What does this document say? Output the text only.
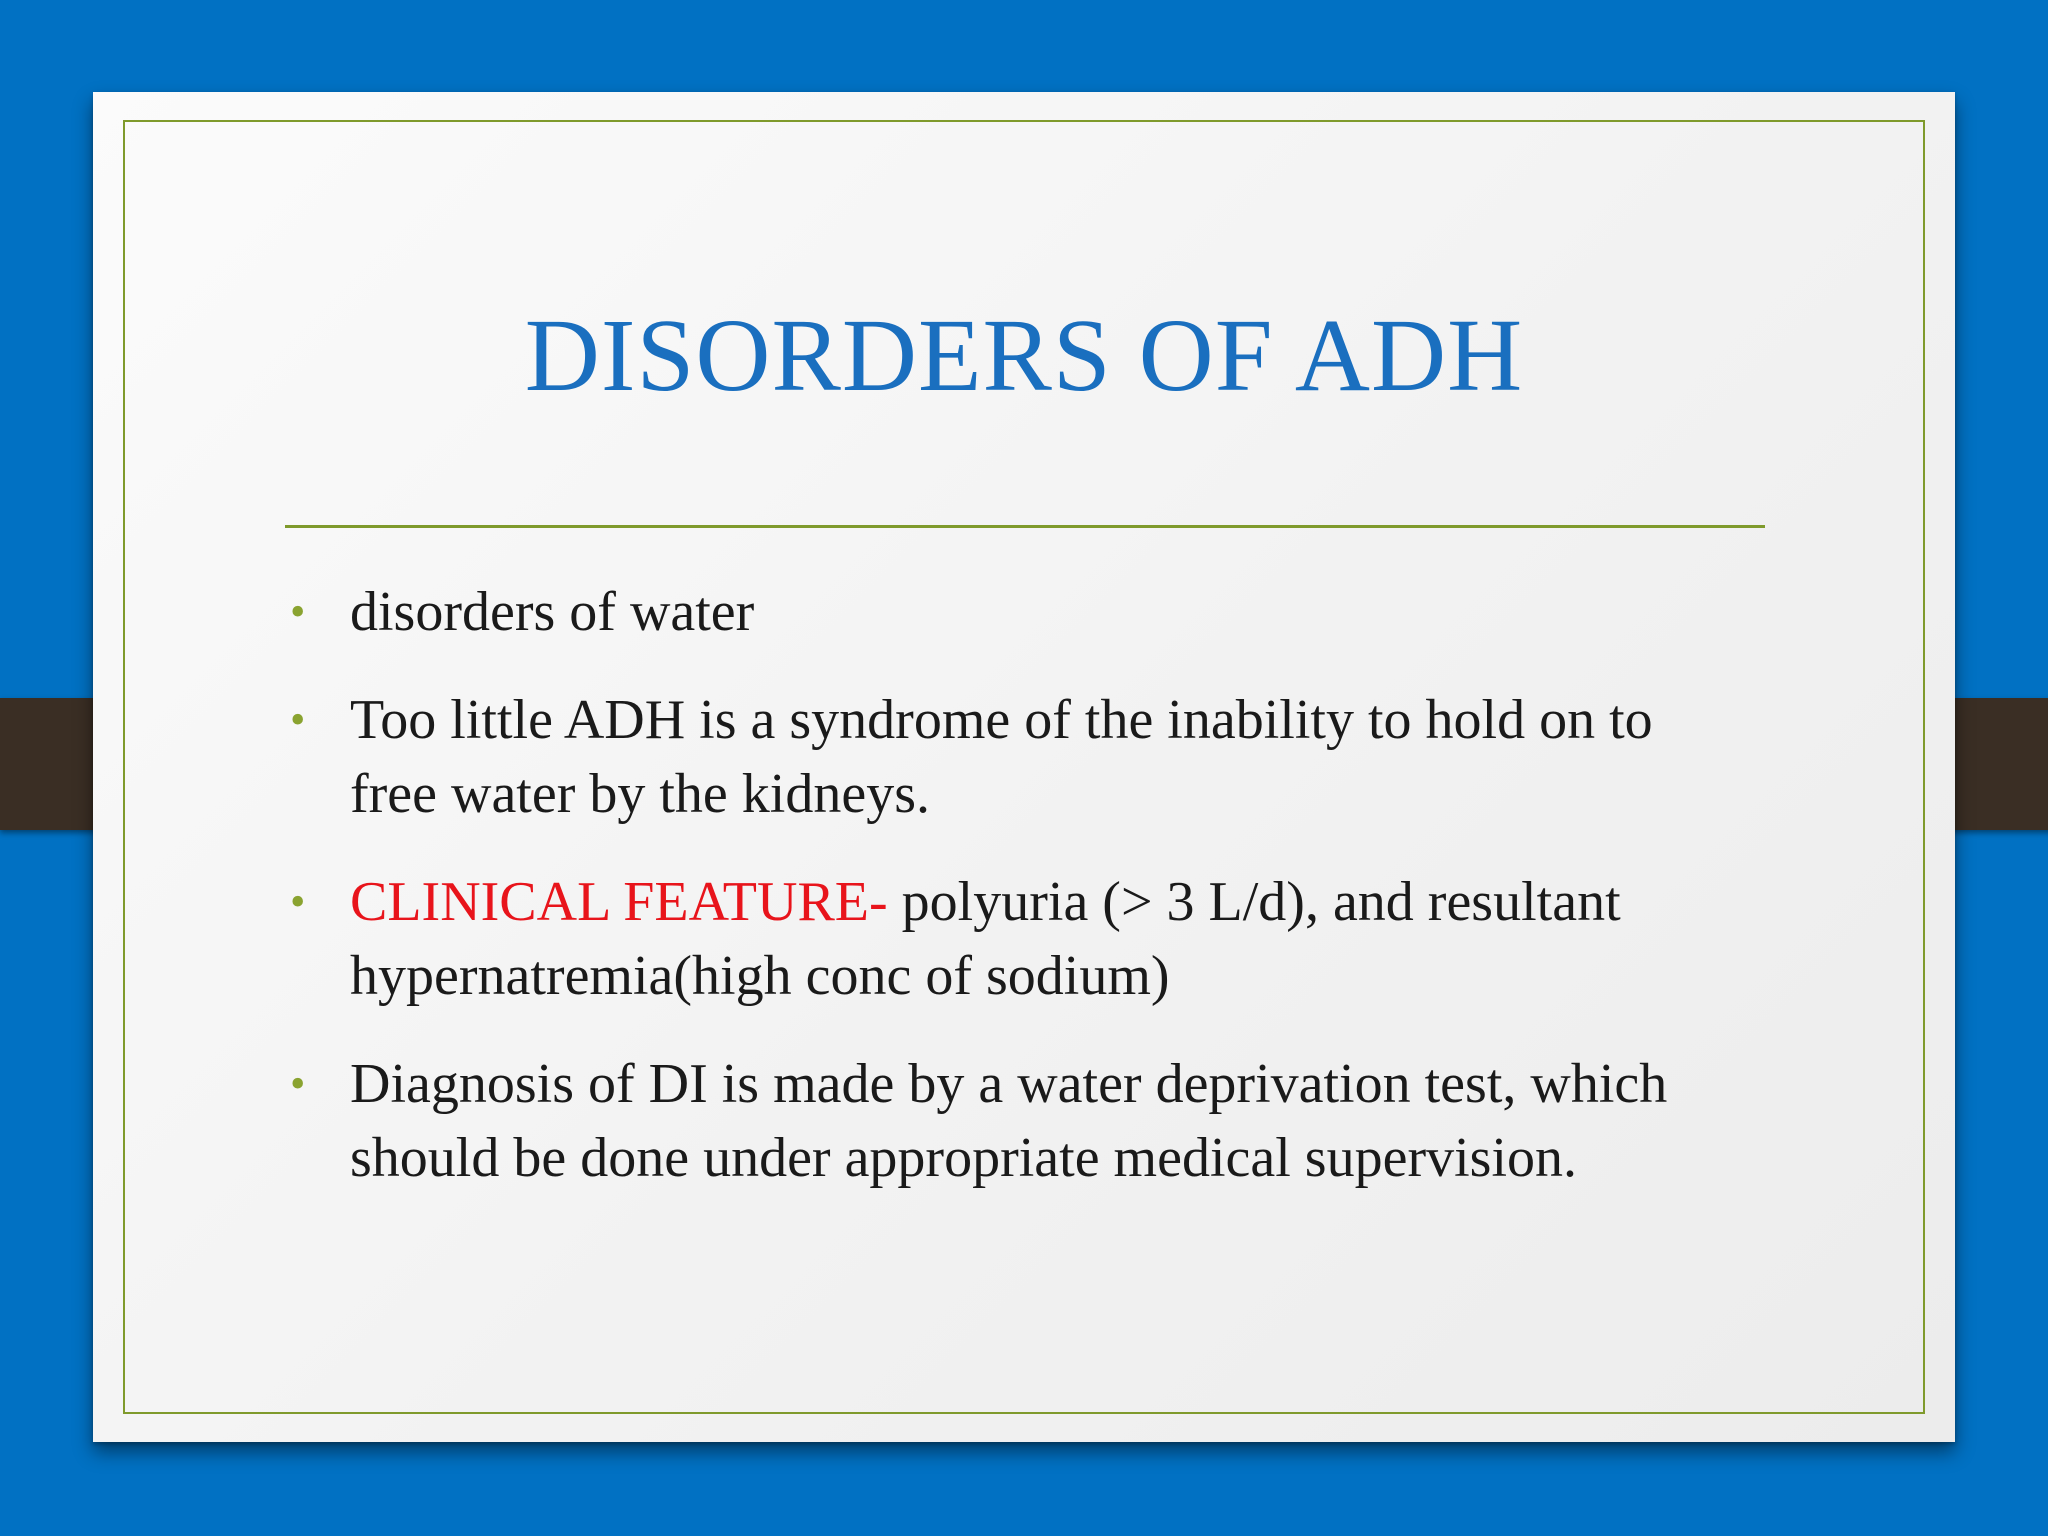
DISORDERS OF ADH
• disorders of water
• Too little ADH is a syndrome of the inability to hold on to free water by the kidneys.
• CLINICAL FEATURE- polyuria (> 3 L/d), and resultant hypernatremia(high conc of sodium)
• Diagnosis of DI is made by a water deprivation test, which should be done under appropriate medical supervision.
